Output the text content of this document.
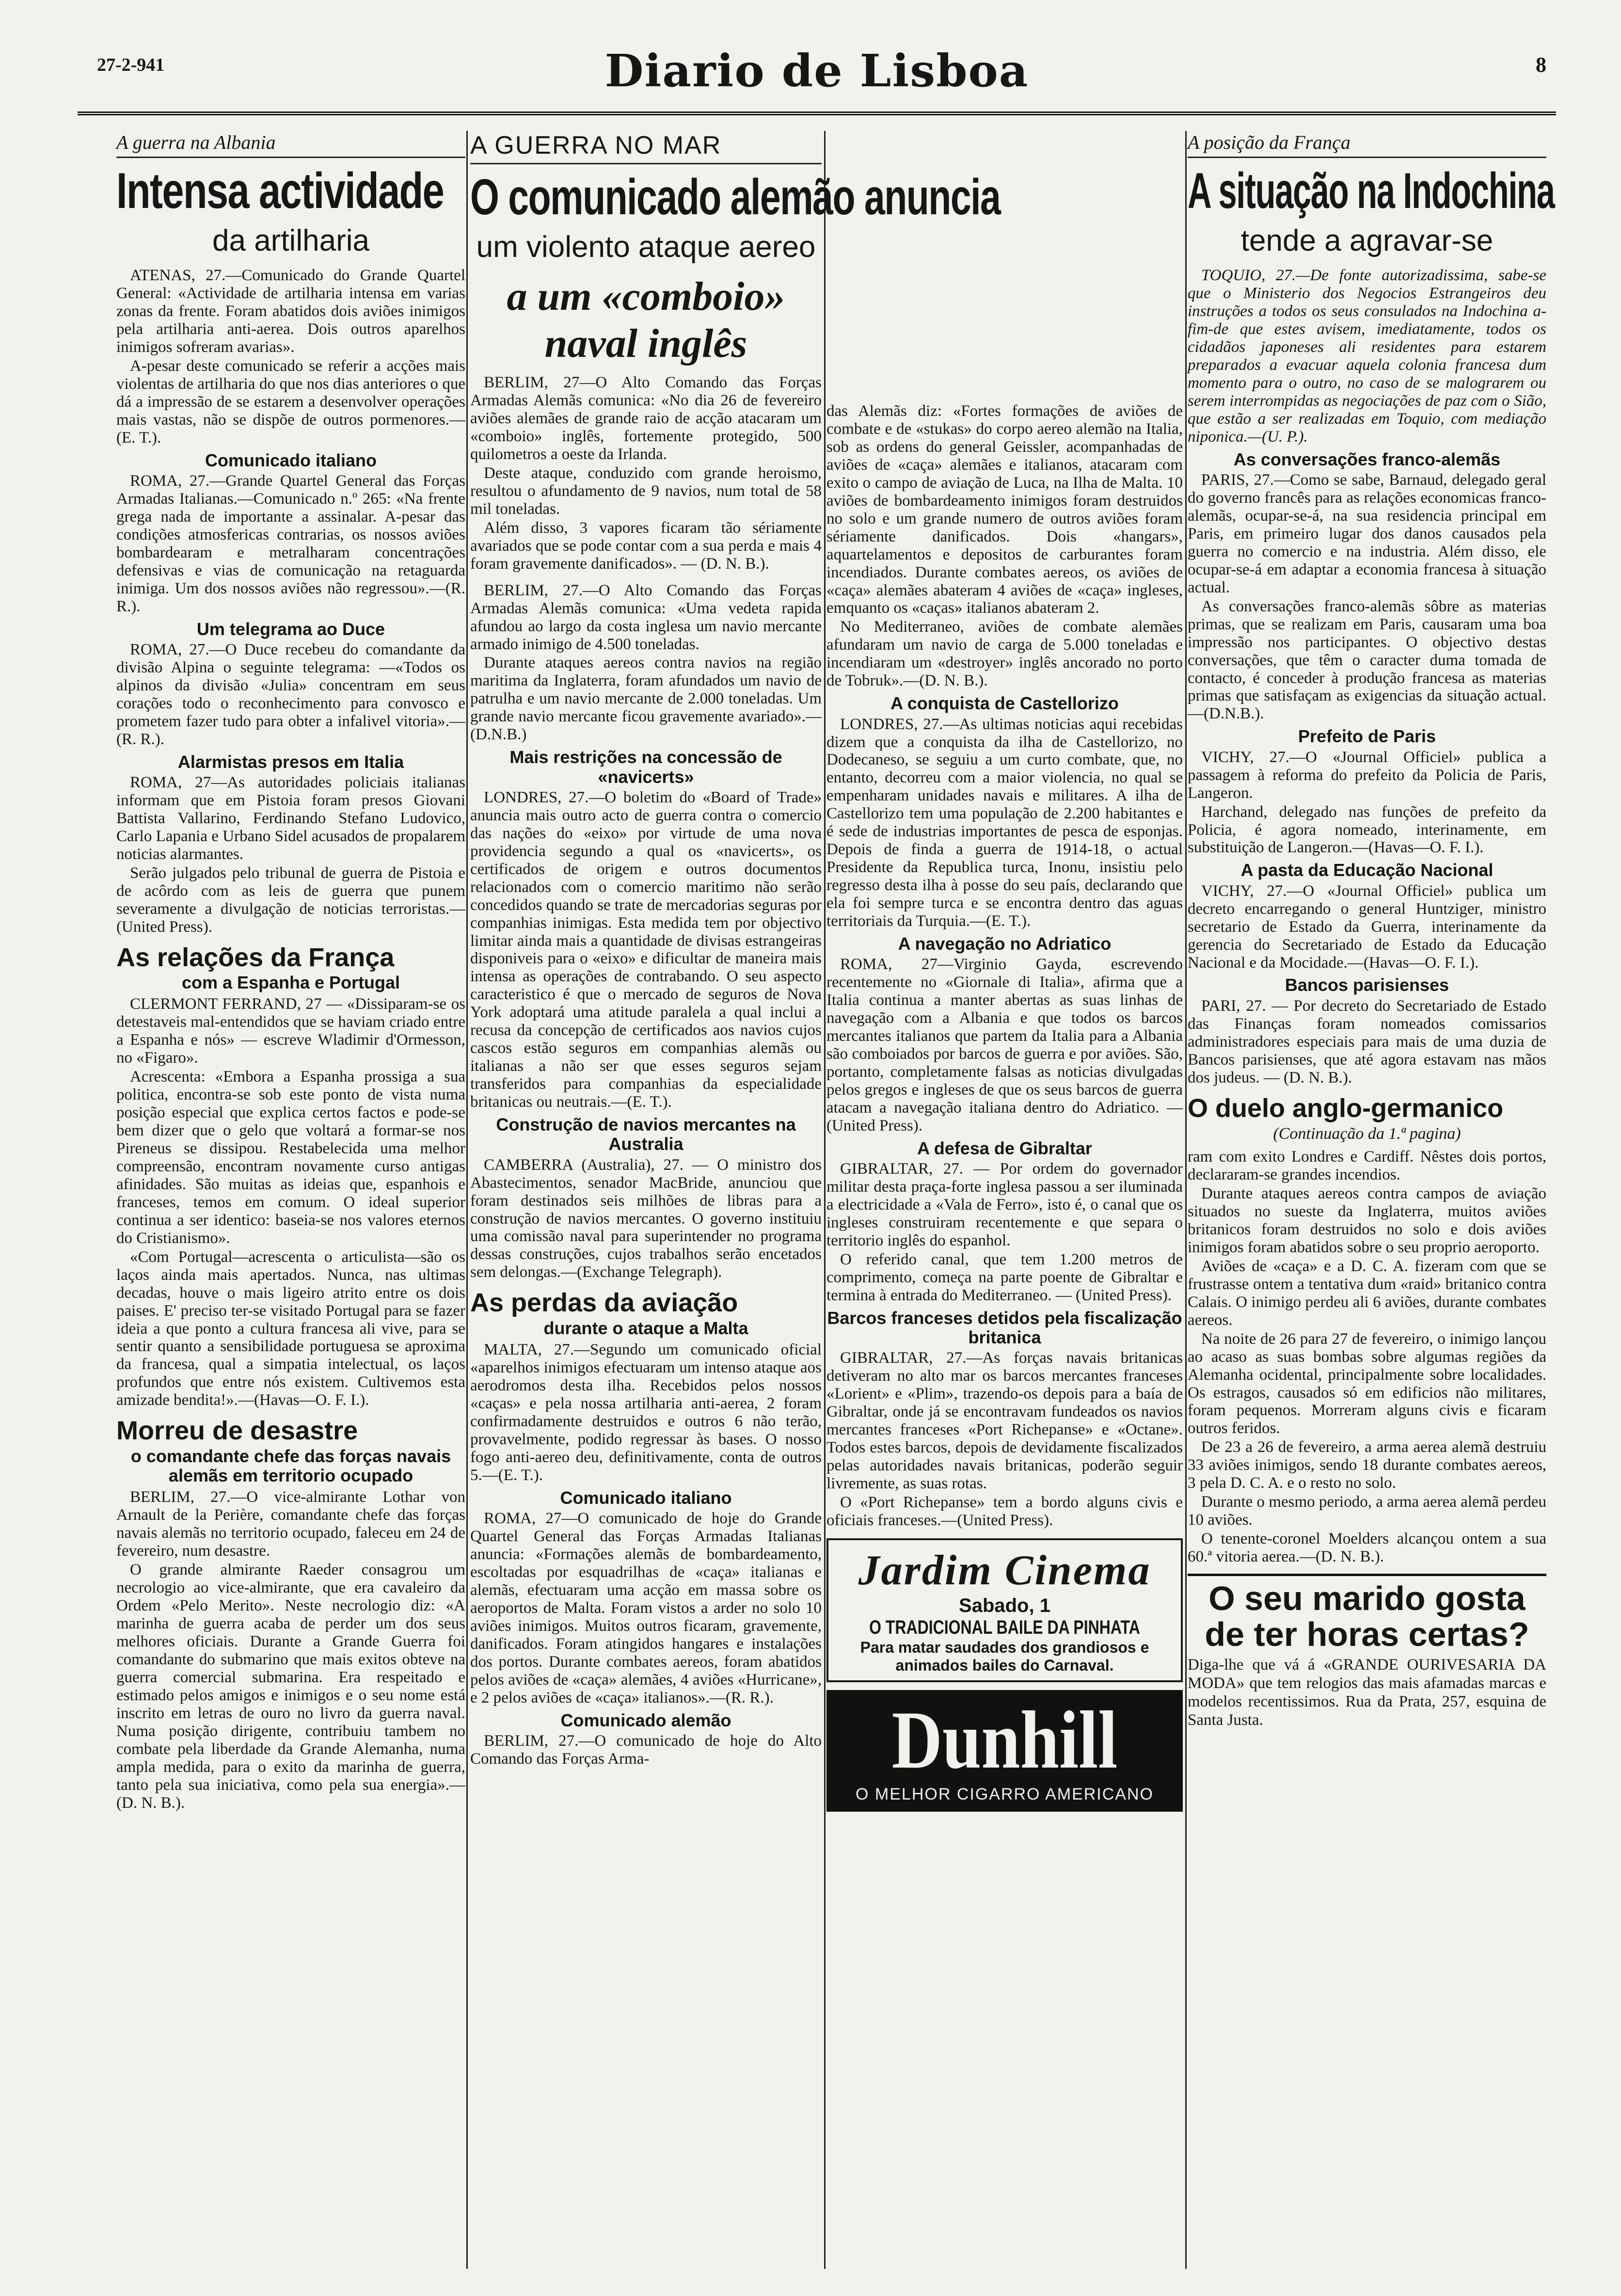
27-2-941	Diario de Lisboa	8
A guerra na Albania
Intensa actividade
da artilharia

ATENAS, 27.—Comunicado do Grande Quartel General: «Actividade de artilharia intensa em varias zonas da frente. Foram abatidos dois aviões inimigos pela artilharia anti-aerea. Dois outros aparelhos inimigos sofreram avarias».

A-pesar deste comunicado se referir a acções mais violentas de artilharia do que nos dias anteriores o que dá a impressão de se estarem a desenvolver operações mais vastas, não se dispõe de outros pormenores.—(E. T.).

Comunicado italiano

ROMA, 27.—Grande Quartel General das Forças Armadas Italianas.—Comunicado n.º 265: «Na frente grega nada de importante a assinalar. A-pesar das condições atmosfericas contrarias, os nossos aviões bombardearam e metralharam concentrações defensivas e vias de comunicação na retaguarda inimiga. Um dos nossos aviões não regressou».—(R. R.).

Um telegrama ao Duce

ROMA, 27.—O Duce recebeu do comandante da divisão Alpina o seguinte telegrama: —«Todos os alpinos da divisão «Julia» concentram em seus corações todo o reconhecimento para convosco e prometem fazer tudo para obter a infalivel vitoria».—(R. R.).

Alarmistas presos em Italia

ROMA, 27—As autoridades policiais italianas informam que em Pistoia foram presos Giovani Battista Vallarino, Ferdinando Stefano Ludovico, Carlo Lapania e Urbano Sidel acusados de propalarem noticias alarmantes.

Serão julgados pelo tribunal de guerra de Pistoia e de acôrdo com as leis de guerra que punem severamente a divulgação de noticias terroristas.—(United Press).

As relações da França
com a Espanha e Portugal

CLERMONT FERRAND, 27 — «Dissiparam-se os detestaveis mal-entendidos que se haviam criado entre a Espanha e nós» — escreve Wladimir d'Ormesson, no «Figaro».

Acrescenta: «Embora a Espanha prossiga a sua politica, encontra-se sob este ponto de vista numa posição especial que explica certos factos e pode-se bem dizer que o gelo que voltará a formar-se nos Pireneus se dissipou. Restabelecida uma melhor compreensão, encontram novamente curso antigas afinidades. São muitas as ideias que, espanhois e franceses, temos em comum. O ideal superior continua a ser identico: baseia-se nos valores eternos do Cristianismo».

«Com Portugal—acrescenta o articulista—são os laços ainda mais apertados. Nunca, nas ultimas decadas, houve o mais ligeiro atrito entre os dois paises. E' preciso ter-se visitado Portugal para se fazer ideia a que ponto a cultura francesa ali vive, para se sentir quanto a sensibilidade portuguesa se aproxima da francesa, qual a simpatia intelectual, os laços profundos que entre nós existem. Cultivemos esta amizade bendita!».—(Havas—O. F. I.).

Morreu de desastre
o comandante chefe das forças navais alemãs em territorio ocupado

BERLIM, 27.—O vice-almirante Lothar von Arnault de la Perière, comandante chefe das forças navais alemãs no territorio ocupado, faleceu em 24 de fevereiro, num desastre.

O grande almirante Raeder consagrou um necrologio ao vice-almirante, que era cavaleiro da Ordem «Pelo Merito». Neste necrologio diz: «A marinha de guerra acaba de perder um dos seus melhores oficiais. Durante a Grande Guerra foi comandante do submarino que mais exitos obteve na guerra comercial submarina. Era respeitado e estimado pelos amigos e inimigos e o seu nome está inscrito em letras de ouro no livro da guerra naval. Numa posição dirigente, contribuiu tambem no combate pela liberdade da Grande Alemanha, numa ampla medida, para o exito da marinha de guerra, tanto pela sua iniciativa, como pela sua energia».—(D. N. B.).

A GUERRA NO MAR
O comunicado alemão anuncia
um violento ataque aereo
a um «comboio» naval inglês

BERLIM, 27—O Alto Comando das Forças Armadas Alemãs comunica: «No dia 26 de fevereiro aviões alemães de grande raio de acção atacaram um «comboio» inglês, fortemente protegido, 500 quilometros a oeste da Irlanda.

Deste ataque, conduzido com grande heroismo, resultou o afundamento de 9 navios, num total de 58 mil toneladas.

Além disso, 3 vapores ficaram tão sériamente avariados que se pode contar com a sua perda e mais 4 foram gravemente danificados». — (D. N. B.).

BERLIM, 27.—O Alto Comando das Forças Armadas Alemãs comunica: «Uma vedeta rapida afundou ao largo da costa inglesa um navio mercante armado inimigo de 4.500 toneladas.

Durante ataques aereos contra navios na região maritima da Inglaterra, foram afundados um navio de patrulha e um navio mercante de 2.000 toneladas. Um grande navio mercante ficou gravemente avariado».—(D.N.B.)

Mais restrições na concessão de «navicerts»

LONDRES, 27.—O boletim do «Board of Trade» anuncia mais outro acto de guerra contra o comercio das nações do «eixo» por virtude de uma nova providencia segundo a qual os «navicerts», os certificados de origem e outros documentos relacionados com o comercio maritimo não serão concedidos quando se trate de mercadorias seguras por companhias inimigas. Esta medida tem por objectivo limitar ainda mais a quantidade de divisas estrangeiras disponiveis para o «eixo» e dificultar de maneira mais intensa as operações de contrabando. O seu aspecto caracteristico é que o mercado de seguros de Nova York adoptará uma atitude paralela a qual inclui a recusa da concepção de certificados aos navios cujos cascos estão seguros em companhias alemãs ou italianas a não ser que esses seguros sejam transferidos para companhias da especialidade britanicas ou neutrais.—(E. T.).

Construção de navios mercantes na Australia

CAMBERRA (Australia), 27. — O ministro dos Abastecimentos, senador MacBride, anunciou que foram destinados seis milhões de libras para a construção de navios mercantes. O governo instituiu uma comissão naval para superintender no programa dessas construções, cujos trabalhos serão encetados sem delongas.—(Exchange Telegraph).

As perdas da aviação
durante o ataque a Malta

MALTA, 27.—Segundo um comunicado oficial «aparelhos inimigos efectuaram um intenso ataque aos aerodromos desta ilha. Recebidos pelos nossos «caças» e pela nossa artilharia anti-aerea, 2 foram confirmadamente destruidos e outros 6 não terão, provavelmente, podido regressar às bases. O nosso fogo anti-aereo deu, definitivamente, conta de outros 5.—(E. T.).

Comunicado italiano

ROMA, 27—O comunicado de hoje do Grande Quartel General das Forças Armadas Italianas anuncia: «Formações alemãs de bombardeamento, escoltadas por esquadrilhas de «caça» italianas e alemãs, efectuaram uma acção em massa sobre os aeroportos de Malta. Foram vistos a arder no solo 10 aviões inimigos. Muitos outros ficaram, gravemente, danificados. Foram atingidos hangares e instalações dos portos. Durante combates aereos, foram abatidos pelos aviões de «caça» alemães, 4 aviões «Hurricane», e 2 pelos aviões de «caça» italianos».—(R. R.).

Comunicado alemão

BERLIM, 27.—O comunicado de hoje do Alto Comando das Forças Arma-

das Alemãs diz: «Fortes formações de aviões de combate e de «stukas» do corpo aereo alemão na Italia, sob as ordens do general Geissler, acompanhadas de aviões de «caça» alemães e italianos, atacaram com exito o campo de aviação de Luca, na Ilha de Malta. 10 aviões de bombardeamento inimigos foram destruidos no solo e um grande numero de outros aviões foram sériamente danificados. Dois «hangars», aquartelamentos e depositos de carburantes foram incendiados. Durante combates aereos, os aviões de «caça» alemães abateram 4 aviões de «caça» ingleses, emquanto os «caças» italianos abateram 2.

No Mediterraneo, aviões de combate alemães afundaram um navio de carga de 5.000 toneladas e incendiaram um «destroyer» inglês ancorado no porto de Tobruk».—(D. N. B.).

A conquista de Castellorizo

LONDRES, 27.—As ultimas noticias aqui recebidas dizem que a conquista da ilha de Castellorizo, no Dodecaneso, se seguiu a um curto combate, que, no entanto, decorreu com a maior violencia, no qual se empenharam unidades navais e militares. A ilha de Castellorizo tem uma população de 2.200 habitantes e é sede de industrias importantes de pesca de esponjas. Depois de finda a guerra de 1914-18, o actual Presidente da Republica turca, Inonu, insistiu pelo regresso desta ilha à posse do seu país, declarando que ela foi sempre turca e se encontra dentro das aguas territoriais da Turquia.—(E. T.).

A navegação no Adriatico

ROMA, 27—Virginio Gayda, escrevendo recentemente no «Giornale di Italia», afirma que a Italia continua a manter abertas as suas linhas de navegação com a Albania e que todos os barcos mercantes italianos que partem da Italia para a Albania são comboiados por barcos de guerra e por aviões. São, portanto, completamente falsas as noticias divulgadas pelos gregos e ingleses de que os seus barcos de guerra atacam a navegação italiana dentro do Adriatico. — (United Press).

A defesa de Gibraltar

GIBRALTAR, 27. — Por ordem do governador militar desta praça-forte inglesa passou a ser iluminada a electricidade a «Vala de Ferro», isto é, o canal que os ingleses construiram recentemente e que separa o territorio inglês do espanhol.

O referido canal, que tem 1.200 metros de comprimento, começa na parte poente de Gibraltar e termina à entrada do Mediterraneo. — (United Press).

Barcos franceses detidos pela fiscalização britanica

GIBRALTAR, 27.—As forças navais britanicas detiveram no alto mar os barcos mercantes franceses «Lorient» e «Plim», trazendo-os depois para a baía de Gibraltar, onde já se encontravam fundeados os navios mercantes franceses «Port Richepanse» e «Octane». Todos estes barcos, depois de devidamente fiscalizados pelas autoridades navais britanicas, poderão seguir livremente, as suas rotas.

O «Port Richepanse» tem a bordo alguns civis e oficiais franceses.—(United Press).

Jardim Cinema
Sabado, 1
O TRADICIONAL BAILE DA PINHATA
Para matar saudades dos grandiosos e animados bailes do Carnaval.
Dunhill
O MELHOR CIGARRO AMERICANO
A posição da França
A situação na Indochina
tende a agravar-se

TOQUIO, 27.—De fonte autorizadissima, sabe-se que o Ministerio dos Negocios Estrangeiros deu instruções a todos os seus consulados na Indochina a-fim-de que estes avisem, imediatamente, todos os cidadãos japoneses ali residentes para estarem preparados a evacuar aquela colonia francesa dum momento para o outro, no caso de se malograrem ou serem interrompidas as negociações de paz com o Sião, que estão a ser realizadas em Toquio, com mediação niponica.—(U. P.).

As conversações franco-alemãs

PARIS, 27.—Como se sabe, Barnaud, delegado geral do governo francês para as relações economicas franco-alemãs, ocupar-se-á, na sua residencia principal em Paris, em primeiro lugar dos danos causados pela guerra no comercio e na industria. Além disso, ele ocupar-se-á em adaptar a economia francesa à situação actual.

As conversações franco-alemãs sôbre as materias primas, que se realizam em Paris, causaram uma boa impressão nos participantes. O objectivo destas conversações, que têm o caracter duma tomada de contacto, é conceder à produção francesa as materias primas que satisfaçam as exigencias da situação actual.—(D.N.B.).

Prefeito de Paris

VICHY, 27.—O «Journal Officiel» publica a passagem à reforma do prefeito da Policia de Paris, Langeron.

Harchand, delegado nas funções de prefeito da Policia, é agora nomeado, interinamente, em substituição de Langeron.—(Havas—O. F. I.).

A pasta da Educação Nacional

VICHY, 27.—O «Journal Officiel» publica um decreto encarregando o general Huntziger, ministro secretario de Estado da Guerra, interinamente da gerencia do Secretariado de Estado da Educação Nacional e da Mocidade.—(Havas—O. F. I.).

Bancos parisienses

PARI, 27. — Por decreto do Secretariado de Estado das Finanças foram nomeados comissarios administradores especiais para mais de uma duzia de Bancos parisienses, que até agora estavam nas mãos dos judeus. — (D. N. B.).

O duelo anglo-germanico
(Continuação da 1.ª pagina)

ram com exito Londres e Cardiff. Nêstes dois portos, declararam-se grandes incendios.

Durante ataques aereos contra campos de aviação situados no sueste da Inglaterra, muitos aviões britanicos foram destruidos no solo e dois aviões inimigos foram abatidos sobre o seu proprio aeroporto.

Aviões de «caça» e a D. C. A. fizeram com que se frustrasse ontem a tentativa dum «raid» britanico contra Calais. O inimigo perdeu ali 6 aviões, durante combates aereos.

Na noite de 26 para 27 de fevereiro, o inimigo lançou ao acaso as suas bombas sobre algumas regiões da Alemanha ocidental, principalmente sobre localidades. Os estragos, causados só em edificios não militares, foram pequenos. Morreram alguns civis e ficaram outros feridos.

De 23 a 26 de fevereiro, a arma aerea alemã destruiu 33 aviões inimigos, sendo 18 durante combates aereos, 3 pela D. C. A. e o resto no solo.

Durante o mesmo periodo, a arma aerea alemã perdeu 10 aviões.

O tenente-coronel Moelders alcançou ontem a sua 60.ª vitoria aerea.—(D. N. B.).

O seu marido gosta de ter horas certas?
Diga-lhe que vá á «GRANDE OURIVESARIA DA MODA» que tem relogios das mais afamadas marcas e modelos recentissimos. Rua da Prata, 257, esquina de Santa Justa.
